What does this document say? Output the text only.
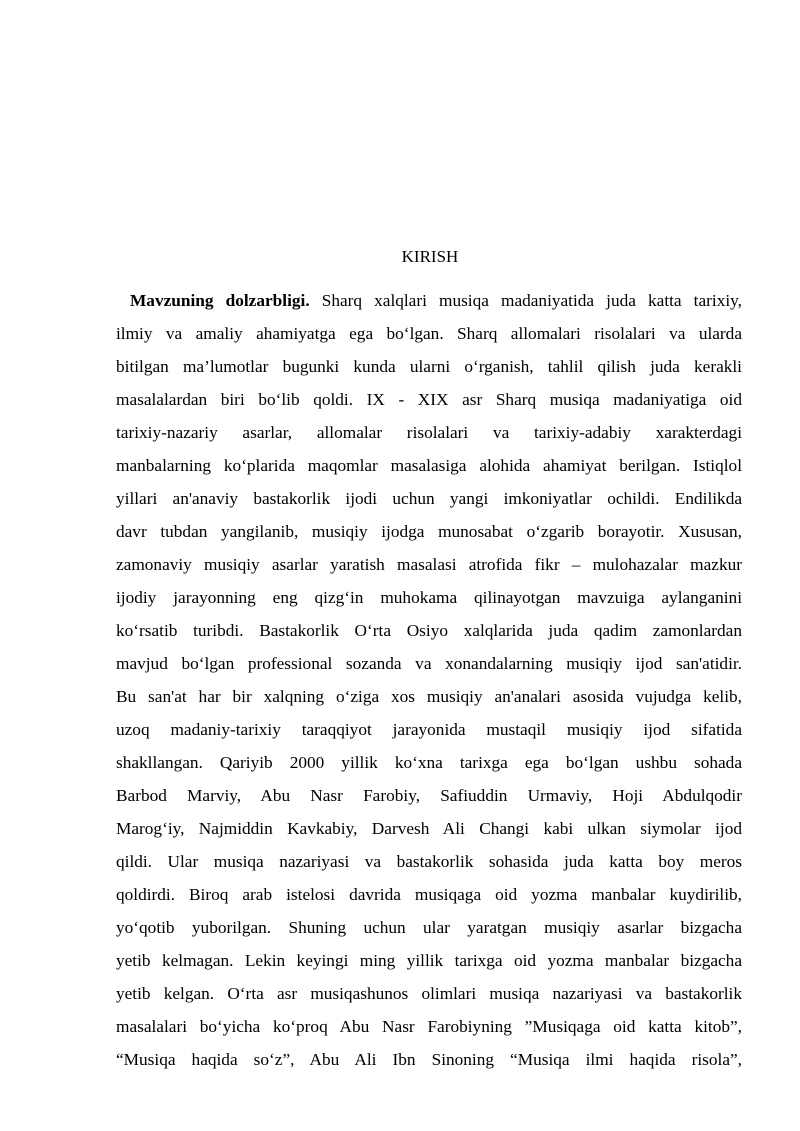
KIRISH
Mavzuning dolzarbligi. Sharq xalqlari musiqa madaniyatida juda katta tarixiy,
ilmiy va amaliy ahamiyatga ega bo‘lgan. Sharq allomalari risolalari va ularda
bitilgan ma’lumotlar bugunki kunda ularni o‘rganish, tahlil qilish juda kerakli
masalalardan biri bo‘lib qoldi. IX - XIX asr Sharq musiqa madaniyatiga oid
tarixiy-nazariy asarlar, allomalar risolalari va tarixiy-adabiy xarakterdagi
manbalarning ko‘plarida maqomlar masalasiga alohida ahamiyat berilgan. Istiqlol
yillari an'anaviy bastakorlik ijodi uchun yangi imkoniyatlar ochildi. Endilikda
davr tubdan yangilanib, musiqiy ijodga munosabat o‘zgarib borayotir. Xususan,
zamonaviy musiqiy asarlar yaratish masalasi atrofida fikr – mulohazalar mazkur
ijodiy jarayonning eng qizg‘in muhokama qilinayotgan mavzuiga aylanganini
ko‘rsatib turibdi. Bastakorlik O‘rta Osiyo xalqlarida juda qadim zamonlardan
mavjud bo‘lgan professional sozanda va xonandalarning musiqiy ijod san'atidir.
Bu san'at har bir xalqning o‘ziga xos musiqiy an'analari asosida vujudga kelib,
uzoq madaniy-tarixiy taraqqiyot jarayonida mustaqil musiqiy ijod sifatida
shakllangan. Qariyib 2000 yillik ko‘xna tarixga ega bo‘lgan ushbu sohada
Barbod Marviy, Abu Nasr Farobiy, Safiuddin Urmaviy, Hoji Abdulqodir
Marog‘iy, Najmiddin Kavkabiy, Darvesh Ali Changi kabi ulkan siymolar ijod
qildi. Ular musiqa nazariyasi va bastakorlik sohasida juda katta boy meros
qoldirdi. Biroq arab istelosi davrida musiqaga oid yozma manbalar kuydirilib,
yo‘qotib yuborilgan. Shuning uchun ular yaratgan musiqiy asarlar bizgacha
yetib kelmagan. Lekin keyingi ming yillik tarixga oid yozma manbalar bizgacha
yetib kelgan. O‘rta asr musiqashunos olimlari musiqa nazariyasi va bastakorlik
masalalari bo‘yicha ko‘proq Abu Nasr Farobiyning ”Musiqaga oid katta kitob”,
“Musiqa haqida so‘z”, Abu Ali Ibn Sinoning “Musiqa ilmi haqida risola”,
